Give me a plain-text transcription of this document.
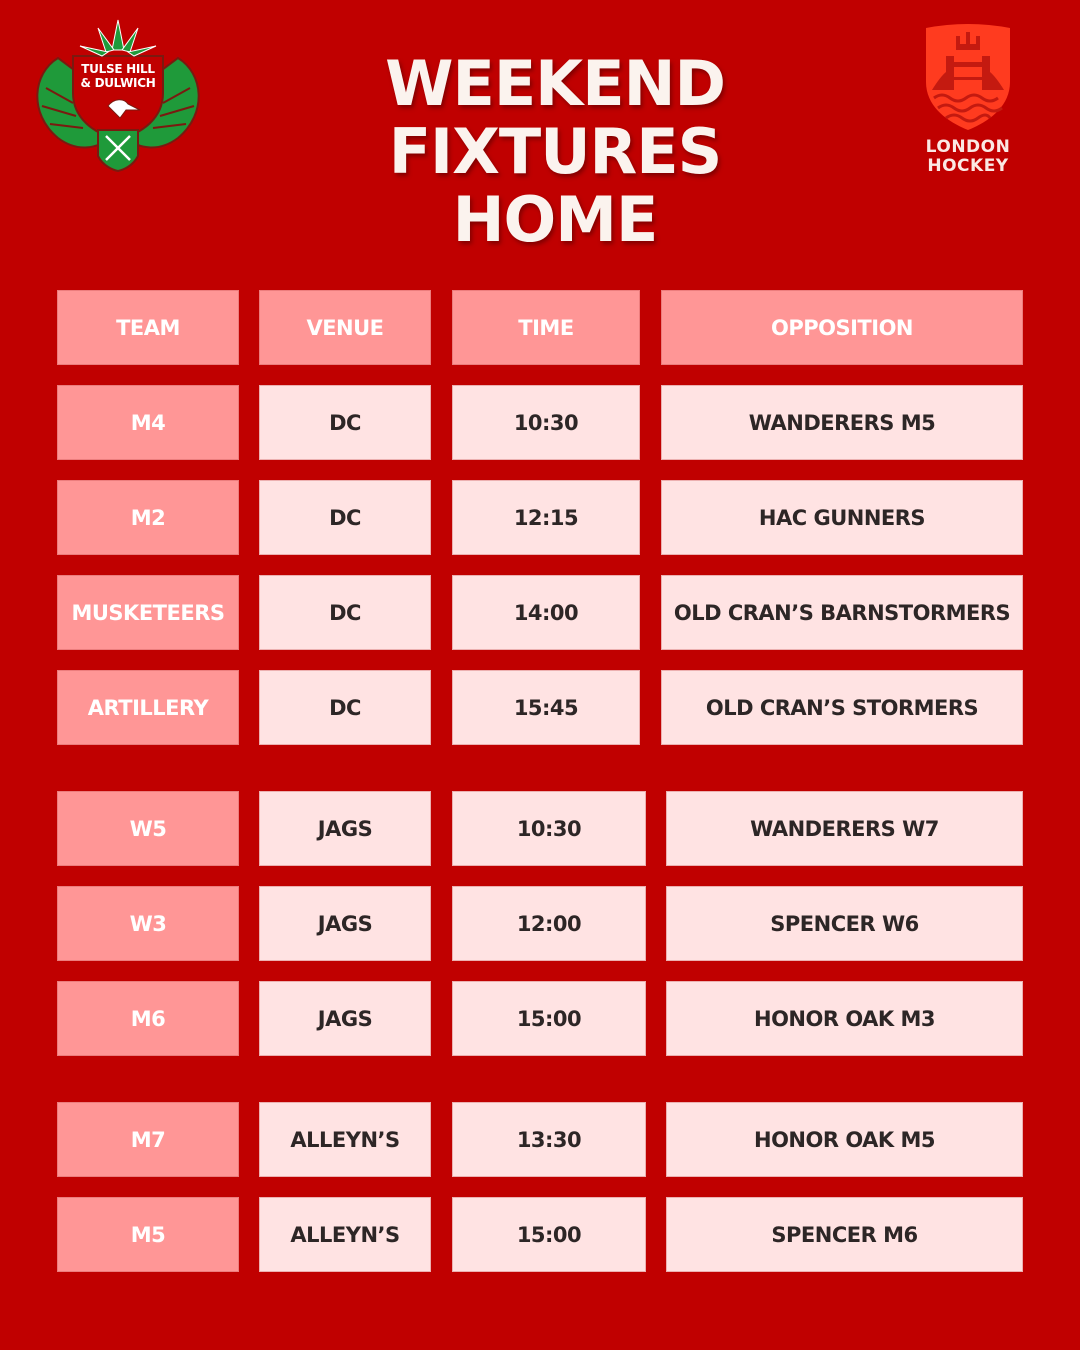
TULSE HILL
& DULWICH	WEEKEND FIXTURES
HOME
LONDON
HOCKEY
TEAM	VENUE	TIME	OPPOSITION
M4	DC	10:30	WANDERERS M5
M2	DC	12:15	HAC GUNNERS
MUSKETEERS	DC	14:00	OLD CRAN’S BARNSTORMERS
ARTILLERY	DC	15:45	OLD CRAN’S STORMERS
W5	JAGS	10:30	WANDERERS W7
W3	JAGS	12:00	SPENCER W6
M6	JAGS	15:00	HONOR OAK M3
M7	ALLEYN’S	13:30	HONOR OAK M5
M5	ALLEYN’S	15:00	SPENCER M6
